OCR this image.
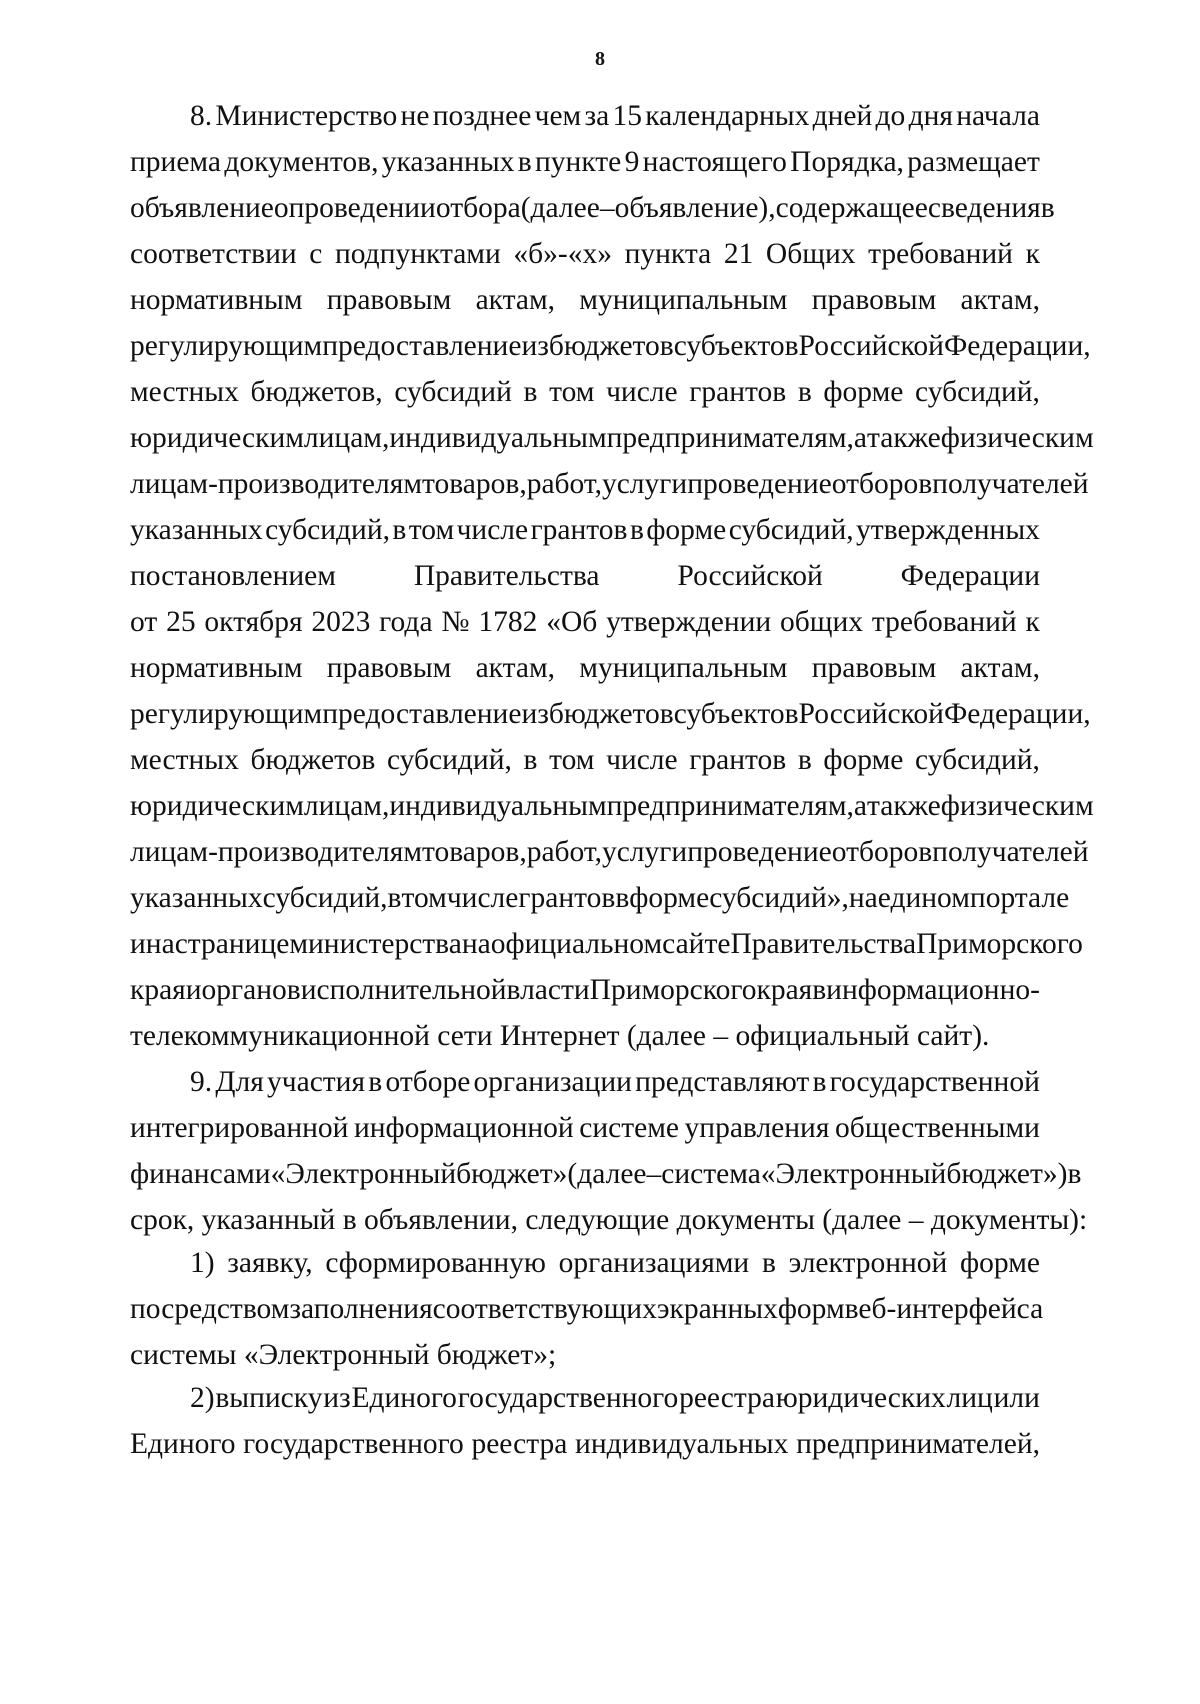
8
8. Министерство не позднее чем за 15 календарных дней до дня начала
приема документов, указанных в пункте 9 настоящего Порядка, размещает
объявление о проведении отбора (далее – объявление), содержащее сведения в
соответствии с подпунктами «б»-«х» пункта 21 Общих требований к
нормативным правовым актам, муниципальным правовым актам,
регулирующим предоставление из бюджетов субъектов Российской Федерации,
местных бюджетов, субсидий в том числе грантов в форме субсидий,
юридическим лицам, индивидуальным предпринимателям, а также физическим
лицам - производителям товаров, работ, услуг и проведение отборов получателей
указанных субсидий, в том числе грантов в форме субсидий, утвержденных
постановлением	Правительства	Российской	Федерации
от 25 октября 2023 года № 1782 «Об утверждении общих требований к
нормативным правовым актам, муниципальным правовым актам,
регулирующим предоставление из бюджетов субъектов Российской Федерации,
местных бюджетов субсидий, в том числе грантов в форме субсидий,
юридическим лицам, индивидуальным предпринимателям, а также физическим
лицам - производителям товаров, работ, услуг и проведение отборов получателей
указанных субсидий, в том числе грантов в форме субсидий», на едином портале
и на странице министерства на официальном сайте Правительства Приморского
края и органов исполнительной власти Приморского края в информационно-
телекоммуникационной сети Интернет (далее – официальный сайт).
9. Для участия в отборе организации представляют в государственной
интегрированной информационной системе управления общественными
финансами «Электронный бюджет» (далее – система «Электронный бюджет») в
срок, указанный в объявлении, следующие документы (далее – документы):
1) заявку, сформированную организациями в электронной форме
посредством заполнения соответствующих экранных форм веб-интерфейса
системы «Электронный бюджет»;
2) выписку из Единого государственного реестра юридических лиц или
Единого государственного реестра индивидуальных предпринимателей,
